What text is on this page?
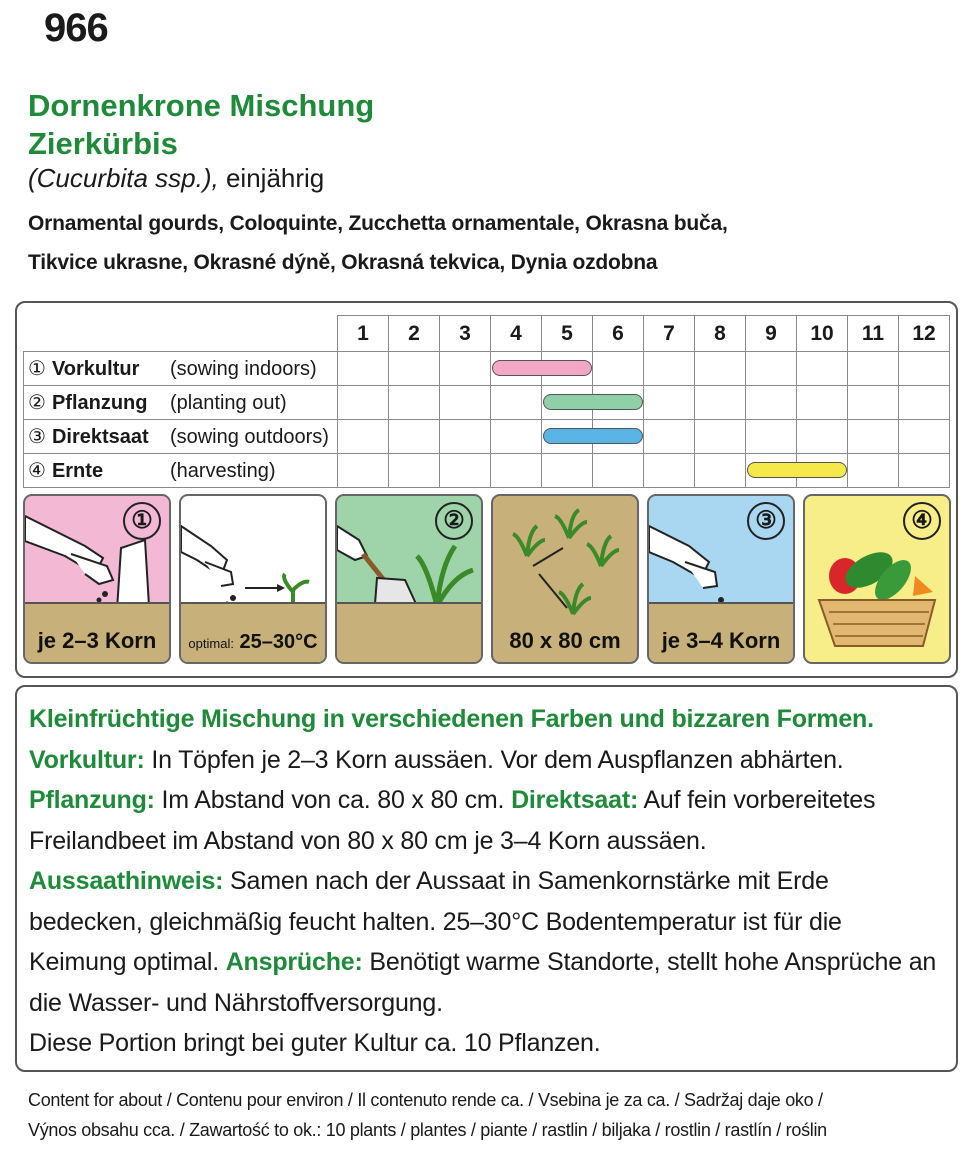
966
Dornenkrone Mischung
Zierkürbis
(Cucurbita ssp.), einjährig
Ornamental gourds, Coloquinte, Zucchetta ornamentale, Okrasna buča,
Tikvice ukrasne, Okrasné dýně, Okrasná tekvica, Dynia ozdobna
	1	2	3	4	5	6	7	8	9	10	11	12
① Vorkultur (sowing indoors)				

② Pflanzung (planting out)					

③ Direktsaat (sowing outdoors)					

④ Ernte (harvesting)									

①
je 2–3 Korn	optimal: 25–30°C
②
80 x 80 cm
③
je 3–4 Korn
④

Kleinfrüchtige Mischung in verschiedenen Farben und bizzaren Formen.
Vorkultur: In Töpfen je 2–3 Korn aussäen. Vor dem Auspflanzen abhärten.
Pflanzung: Im Abstand von ca. 80 x 80 cm. Direktsaat: Auf fein vorbereitetes Freilandbeet im Abstand von 80 x 80 cm je 3–4 Korn aussäen.
Aussaathinweis: Samen nach der Aussaat in Samenkornstärke mit Erde bedecken, gleichmäßig feucht halten. 25–30°C Bodentemperatur ist für die Keimung optimal. Ansprüche: Benötigt warme Standorte, stellt hohe Ansprüche an die Wasser- und Nährstoffversorgung.
Diese Portion bringt bei guter Kultur ca. 10 Pflanzen.

Content for about / Contenu pour environ / Il contenuto rende ca. / Vsebina je za ca. / Sadržaj daje oko /
Výnos obsahu cca. / Zawartość to ok.: 10 plants / plantes / piante / rastlin / biljaka / rostlin / rastlín / roślin
